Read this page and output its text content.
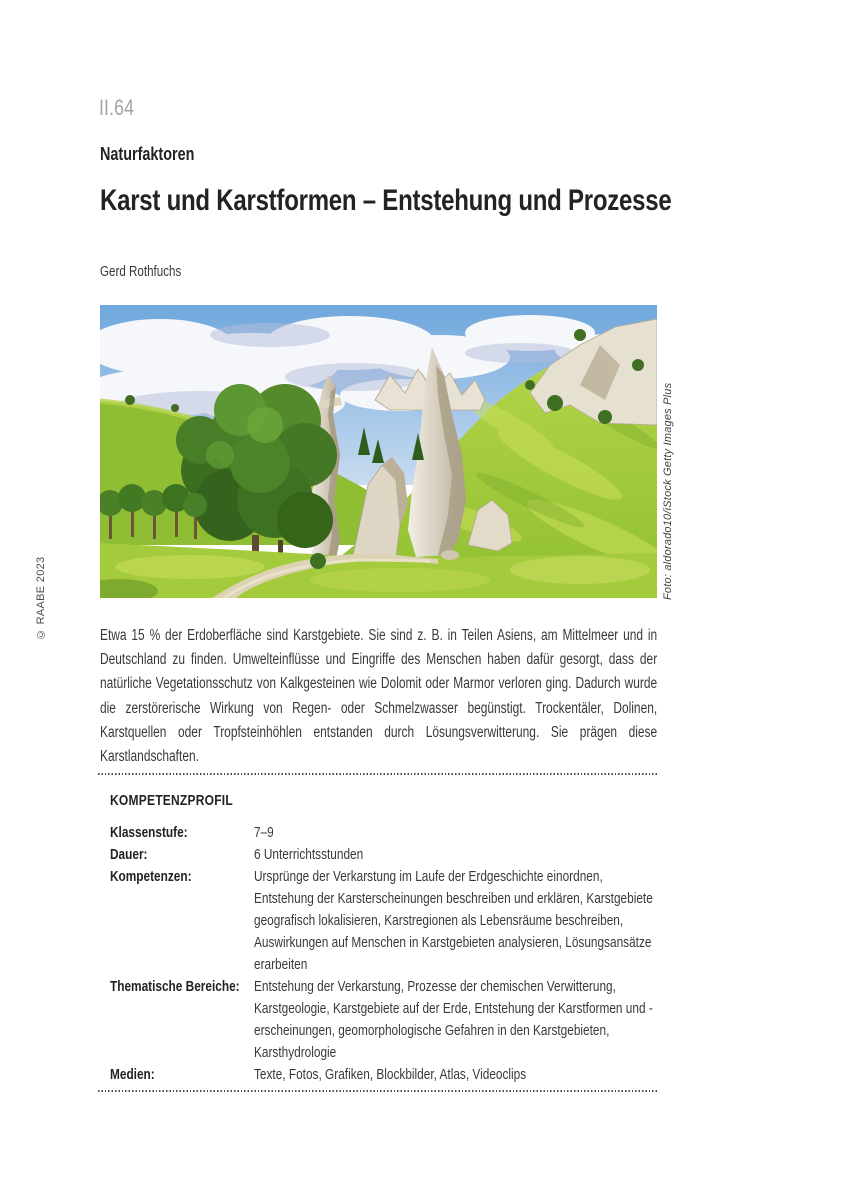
© RAABE 2023
II.64
Naturfaktoren
Karst und Karstformen – Entstehung und Prozesse
Gerd Rothfuchs
Foto: aldorado10/iStock Getty Images Plus

Etwa 15 % der Erdoberfläche sind Karstgebiete. Sie sind z. B. in Teilen Asiens, am Mittelmeer und in Deutschland zu finden. Umwelteinflüsse und Eingriffe des Menschen haben dafür gesorgt, dass der natürliche Vegetationsschutz von Kalkgesteinen wie Dolomit oder Marmor verloren ging. Dadurch wurde die zerstörerische Wirkung von Regen- oder Schmelzwasser begünstigt. Trockentäler, Dolinen, Karstquellen oder Tropfsteinhöhlen entstanden durch Lösungsverwitterung. Sie prägen diese Karstlandschaften.

KOMPETENZPROFIL
Klassenstufe:	7–9
Dauer:	6 Unterrichtsstunden
Kompetenzen:	Ursprünge der Verkarstung im Laufe der Erdgeschichte einordnen, Entstehung der Karsterscheinungen beschreiben und erklären, Karstgebiete geografisch lokalisieren, Karstregionen als Lebensräume beschreiben, Auswirkungen auf Menschen in Karstgebieten analysieren, Lösungsansätze erarbeiten
Thematische Bereiche: Entstehung der Verkarstung, Prozesse der chemischen Verwitterung, Karstgeologie, Karstgebiete auf der Erde, Entstehung der Karstformen und -erscheinungen, geomorphologische Gefahren in den Karstgebieten, Karsthydrologie
Medien:	Texte, Fotos, Grafiken, Blockbilder, Atlas, Videoclips
